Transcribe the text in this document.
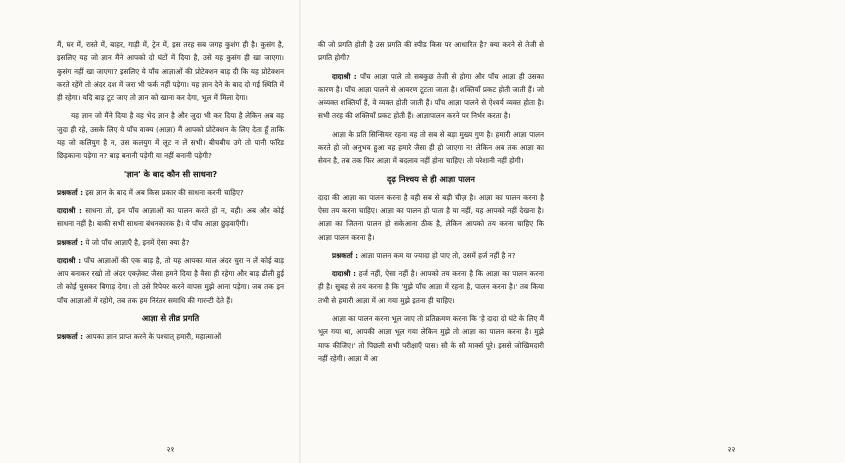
मैं, घर में, रास्ते में, बाहर, गाड़ी में, ट्रेन में, इस तरह सब जगह कुशंग ही है। कुसंग है, इसलिए यह जो ज्ञान मैंने आपको दो घंटों में दिया है, उसे यह कुसंग ही खा जाएगा। कुसंग नहीं खा जाएगा? इसलिए ये पाँच आज्ञाओं की प्रोटेक्शन बाड़ दी कि यह प्रोटेक्शन करते रहेंगे तो अंदर दश में जरा भी फर्क नहीं पड़ेगा। यह ज्ञान देने के बाद दो गई स्थिति में ही रहेगा। यदि बाड़ टूट जाए तो ज्ञान को खाना कर देगा, भूल में मिला देगा।

यह ज्ञान जो मैंने दिया है वह भेद ज्ञान है और जुदा भी कर दिया है लेकिन अब वह जुदा ही रहे, उसके लिए ये पाँच वाक्य (आज्ञा) मैं आपको प्रोटेक्शन के लिए देता हूँ ताकि यह जो कलियुग है न, उस कलयुग में लूट न लें सभी। बीचबीच उगे तो पानी फाॅरेड छिड़काना पड़ेगा न? बाड़ बनानी पड़ेगी या नहीं बनानी पड़ेगी?

'ज्ञान' के बाद कौन सी साधना?

प्रश्नकर्ता : इस ज्ञान के बाद में अब किस प्रकार की साधना करनी चाहिए?

दादाश्री : साधना तो, इन पाँच आज्ञाओं का पालन करते हो न, वही। अब और कोई साधना नहीं है। बाकी सभी साधना बंधनकारक है। ये पाँच आज्ञा छुड़वाएँगी।

प्रश्नकर्ता : ये जो पाँच आज्ञाएँ है, इनमें ऐसा क्या है?

दादाश्री : पाँच आज्ञाओं की एक बाड़ है, तो यह आपका माल अंदर चुरा न लें कोई बाड़ आप बनाकर रखो तो अंदर एक्ज़ेक्ट जैसा हमने दिया है वैसा ही रहेगा और बाड़ ढीली हुई तो कोई घुसकर बिगाड़ देगा। तो उसे रिपेयर करने वापस मुझे आना पड़ेगा। जब तक इन पाँच आज्ञाओं में रहोगे, तब तक हम निरंतर समाधि की गारन्टी देते हैं।

आज्ञा से तीव्र प्रगति

प्रश्नकर्ता : आपका ज्ञान प्राप्त करने के पश्चात् हमारी, महात्माओं

२१

की जो प्रगति होती है उस प्रगति की स्पीड किस पर आधारित है? क्या करने से तेजी से प्रगति होगी?

दादाश्री : पाँच आज्ञा पाले तो सबकुछ तेजी से होगा और पाँच आज्ञा ही उसका कारण है। पाँच आज्ञा पालने से आवरण टूटता जाता है। शक्तियाँ प्रकट होती जाती हैं। जो अव्यक्त शक्तियाँ हैं, वे व्यक्त होती जाती हैं। पाँच आज्ञा पालने से ऐश्वर्य व्यक्त होता है। सभी तरह की शक्तियाँ प्रकट होती हैं। आज्ञापालन करने पर निर्भर करता है।

आज्ञा के प्रति सिन्सियर रहना वह तो सब से बड़ा मुख्य गुण है। हमारी आज्ञा पालन करते हो जो अनुभव हुआ वह हमारे जैसा ही हो जाएगा न! लेकिन अब तक आज्ञा का सेवन है, तब तक फिर आज्ञा में बदलाव नहीं होना चाहिए। तो परेशानी नहीं होगी।

दृढ़ निश्चय से ही आज्ञा पालन

दादा की आज्ञा का पालन करना है वही सब से बड़ी चीज़ है। आज्ञा का पालन करना है ऐसा तय करना चाहिए। आज्ञा का पालन हो पाता है या नहीं, यह आपको नहीं देखना है। आज्ञा का जितना पालन हो सकेआना ठीक है, लेकिन आपको तय करना चाहिए कि आज्ञा पालन करना है।

प्रश्नकर्ता : आज्ञा पालन कम या ज्यादा हो पाए तो, उसमें हर्ज नहीं है न?

दादाश्री : हर्ज नहीं, ऐसा नहीं है। आपको तय करना है कि आज्ञा का पालन करना ही है। सुबह से तय करना है कि 'मुझे पाँच आज्ञा में रहना है, पालन करना है।' तब किया तभी से हमारी आज्ञा में आ गया मुझे इतना ही चाहिए।

आज्ञा का पालन करना भूल जाए तो प्रतिक्रमण करना कि 'हे दादा दो घंटे के लिए मैं भूल गया था, आपकी आज्ञा भूल गया लेकिन मुझे तो आज्ञा का पालन करना है। मुझे माफ कीजिए।' तो पिछली सभी परीक्षाएँ पास। सौ के सौ मार्क्स पूरे। इससे जोखिमदारी नहीं रहेगी। आज्ञा में आ

२२
